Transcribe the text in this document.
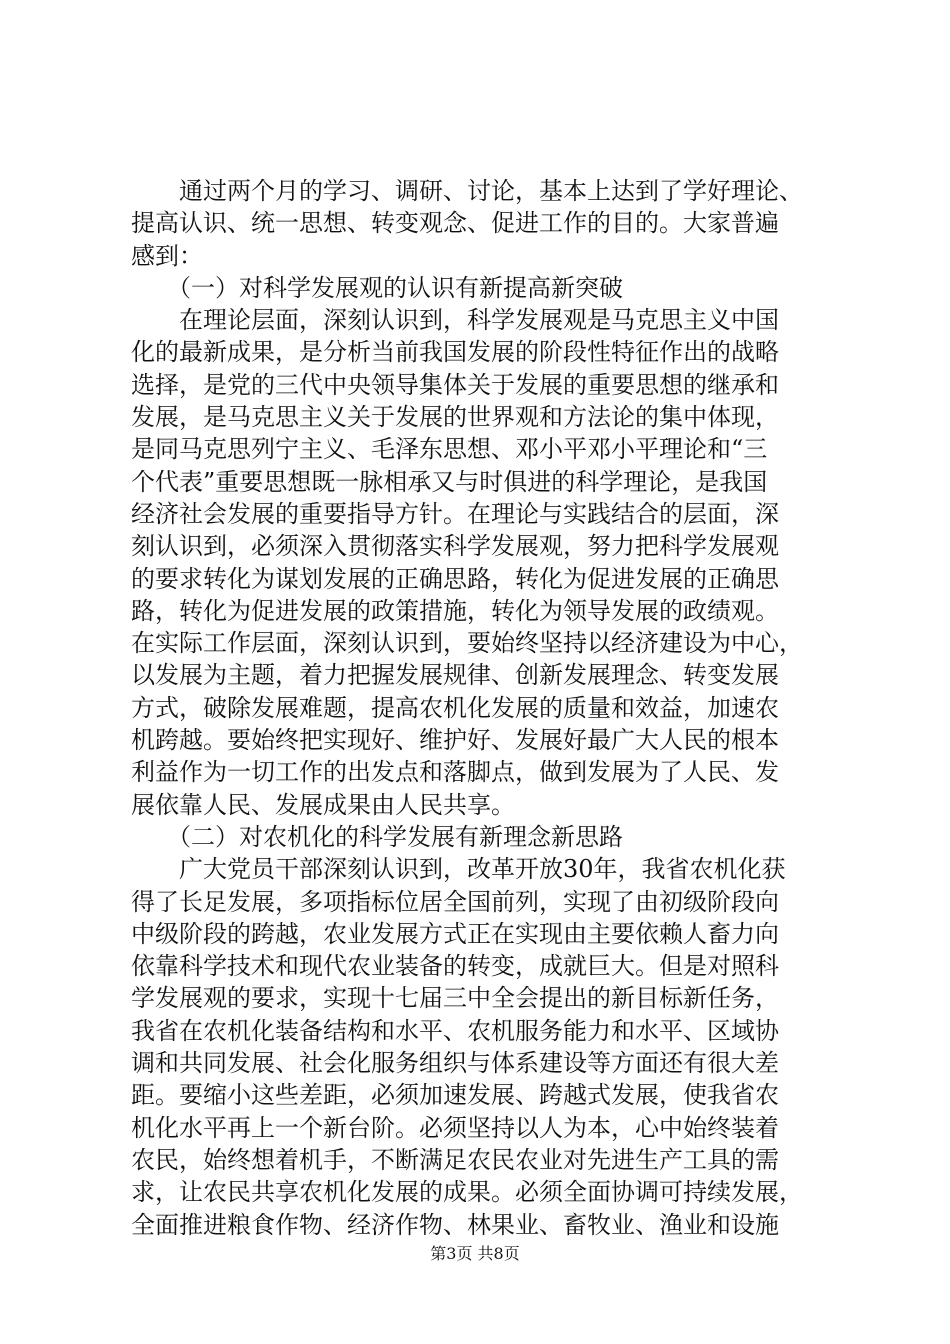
　　通过两个月的学习、调研、讨论，基本上达到了学好理论、
提高认识、统一思想、转变观念、促进工作的目的。大家普遍
感到：
　　（一）对科学发展观的认识有新提高新突破
　　在理论层面，深刻认识到，科学发展观是马克思主义中国
化的最新成果，是分析当前我国发展的阶段性特征作出的战略
选择，是党的三代中央领导集体关于发展的重要思想的继承和
发展，是马克思主义关于发展的世界观和方法论的集中体现，
是同马克思列宁主义、毛泽东思想、邓小平邓小平理论和“三
个代表”重要思想既一脉相承又与时俱进的科学理论，是我国
经济社会发展的重要指导方针。在理论与实践结合的层面，深
刻认识到，必须深入贯彻落实科学发展观，努力把科学发展观
的要求转化为谋划发展的正确思路，转化为促进发展的正确思
路，转化为促进发展的政策措施，转化为领导发展的政绩观。
在实际工作层面，深刻认识到，要始终坚持以经济建设为中心，
以发展为主题，着力把握发展规律、创新发展理念、转变发展
方式，破除发展难题，提高农机化发展的质量和效益，加速农
机跨越。要始终把实现好、维护好、发展好最广大人民的根本
利益作为一切工作的出发点和落脚点，做到发展为了人民、发
展依靠人民、发展成果由人民共享。
　　（二）对农机化的科学发展有新理念新思路
　　广大党员干部深刻认识到，改革开放30年，我省农机化获
得了长足发展，多项指标位居全国前列，实现了由初级阶段向
中级阶段的跨越，农业发展方式正在实现由主要依赖人畜力向
依靠科学技术和现代农业装备的转变，成就巨大。但是对照科
学发展观的要求，实现十七届三中全会提出的新目标新任务，
我省在农机化装备结构和水平、农机服务能力和水平、区域协
调和共同发展、社会化服务组织与体系建设等方面还有很大差
距。要缩小这些差距，必须加速发展、跨越式发展，使我省农
机化水平再上一个新台阶。必须坚持以人为本，心中始终装着
农民，始终想着机手，不断满足农民农业对先进生产工具的需
求，让农民共享农机化发展的成果。必须全面协调可持续发展，
全面推进粮食作物、经济作物、林果业、畜牧业、渔业和设施
第3页 共8页
